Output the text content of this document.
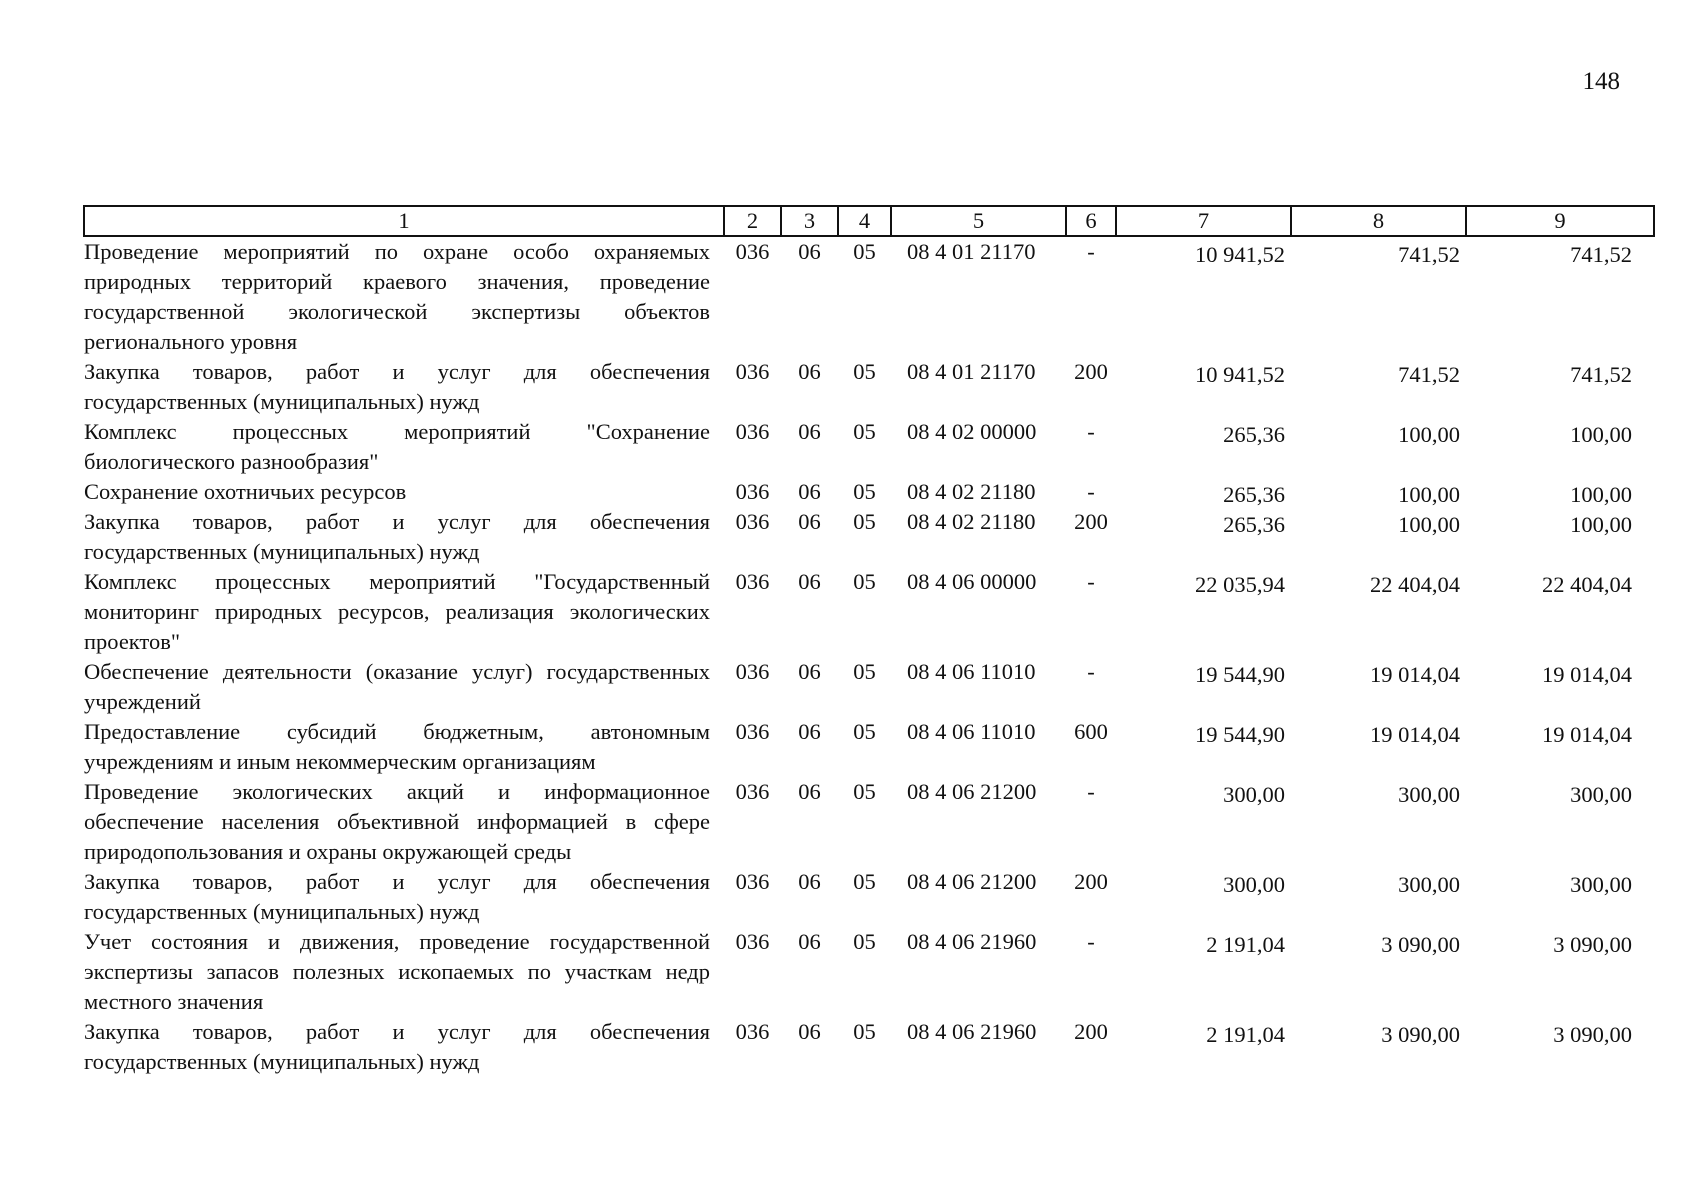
148
1	2	3	4	5	6	7	8	9
Проведение мероприятий по охране особо охраняемых природных территорий краевого значения, проведение государственной экологической экспертизы объектов регионального уровня	036	06	05	08 4 01 21170	-	10 941,52	741,52	741,52
Закупка товаров, работ и услуг для обеспечения государственных (муниципальных) нужд	036	06	05	08 4 01 21170	200	10 941,52	741,52	741,52
Комплекс процессных мероприятий "Сохранение биологического разнообразия"	036	06	05	08 4 02 00000	-	265,36	100,00	100,00
Сохранение охотничьих ресурсов	036	06	05	08 4 02 21180	-	265,36	100,00	100,00
Закупка товаров, работ и услуг для обеспечения государственных (муниципальных) нужд	036	06	05	08 4 02 21180	200	265,36	100,00	100,00
Комплекс процессных мероприятий "Государственный мониторинг природных ресурсов, реализация экологических проектов"	036	06	05	08 4 06 00000	-	22 035,94	22 404,04	22 404,04
Обеспечение деятельности (оказание услуг) государственных учреждений	036	06	05	08 4 06 11010	-	19 544,90	19 014,04	19 014,04
Предоставление субсидий бюджетным, автономным учреждениям и иным некоммерческим организациям	036	06	05	08 4 06 11010	600	19 544,90	19 014,04	19 014,04
Проведение экологических акций и информационное обеспечение населения объективной информацией в сфере природопользования и охраны окружающей среды	036	06	05	08 4 06 21200	-	300,00	300,00	300,00
Закупка товаров, работ и услуг для обеспечения государственных (муниципальных) нужд	036	06	05	08 4 06 21200	200	300,00	300,00	300,00
Учет состояния и движения, проведение государственной экспертизы запасов полезных ископаемых по участкам недр местного значения	036	06	05	08 4 06 21960	-	2 191,04	3 090,00	3 090,00
Закупка товаров, работ и услуг для обеспечения государственных (муниципальных) нужд	036	06	05	08 4 06 21960	200	2 191,04	3 090,00	3 090,00
